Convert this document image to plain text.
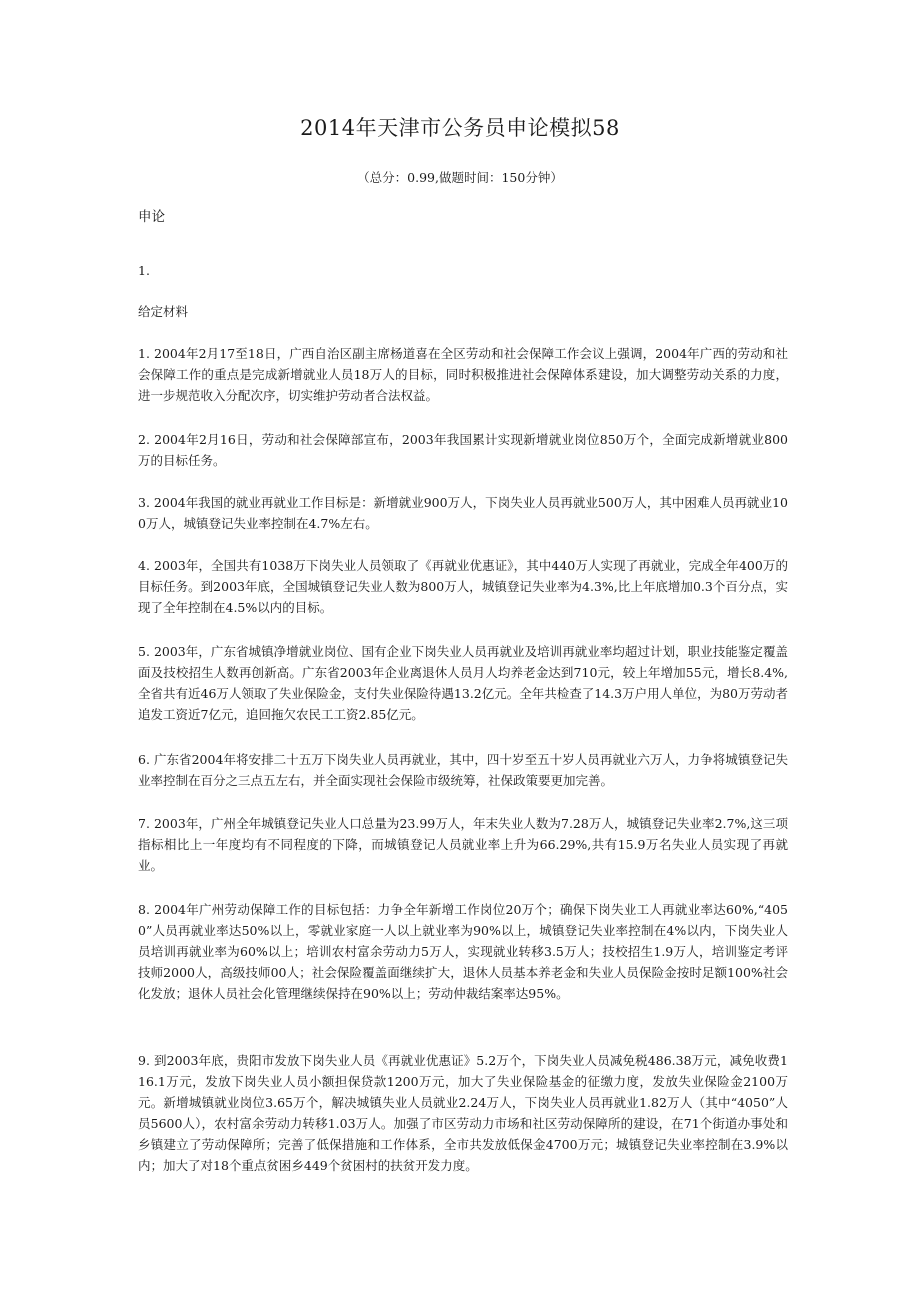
2014年天津市公务员申论模拟58
（总分：0.99,做题时间：150分钟）
申论
1.
给定材料

1. 2004年2月17至18日，广西自治区副主席杨道喜在全区劳动和社会保障工作会议上强调，2004年广西的劳动和社会保障工作的重点是完成新增就业人员18万人的目标，同时积极推进社会保障体系建设，加大调整劳动关系的力度，进一步规范收入分配次序，切实维护劳动者合法权益。

2. 2004年2月16日，劳动和社会保障部宣布，2003年我国累计实现新增就业岗位850万个，全面完成新增就业800万的目标任务。

3. 2004年我国的就业再就业工作目标是：新增就业900万人，下岗失业人员再就业500万人，其中困难人员再就业100万人，城镇登记失业率控制在4.7%左右。

4. 2003年，全国共有1038万下岗失业人员领取了《再就业优惠证》，其中440万人实现了再就业，完成全年400万的目标任务。到2003年底，全国城镇登记失业人数为800万人，城镇登记失业率为4.3%,比上年底增加0.3个百分点，实现了全年控制在4.5%以内的目标。

5. 2003年，广东省城镇净增就业岗位、国有企业下岗失业人员再就业及培训再就业率均超过计划，职业技能鉴定覆盖面及技校招生人数再创新高。广东省2003年企业离退休人员月人均养老金达到710元，较上年增加55元，增长8.4%,全省共有近46万人领取了失业保险金，支付失业保险待遇13.2亿元。全年共检查了14.3万户用人单位，为80万劳动者追发工资近7亿元，追回拖欠农民工工资2.85亿元。

6. 广东省2004年将安排二十五万下岗失业人员再就业，其中，四十岁至五十岁人员再就业六万人，力争将城镇登记失业率控制在百分之三点五左右，并全面实现社会保险市级统筹，社保政策要更加完善。

7. 2003年，广州全年城镇登记失业人口总量为23.99万人，年末失业人数为7.28万人，城镇登记失业率2.7%,这三项指标相比上一年度均有不同程度的下降，而城镇登记人员就业率上升为66.29%,共有15.9万名失业人员实现了再就业。

8. 2004年广州劳动保障工作的目标包括：力争全年新增工作岗位20万个；确保下岗失业工人再就业率达60%,“4050”人员再就业率达50%以上，零就业家庭一人以上就业率为90%以上，城镇登记失业率控制在4%以内，下岗失业人员培训再就业率为60%以上；培训农村富余劳动力5万人，实现就业转移3.5万人；技校招生1.9万人，培训鉴定考评技师2000人，高级技师00人；社会保险覆盖面继续扩大，退休人员基本养老金和失业人员保险金按时足额100%社会化发放；退休人员社会化管理继续保持在90%以上；劳动仲裁结案率达95%。

9. 到2003年底，贵阳市发放下岗失业人员《再就业优惠证》5.2万个，下岗失业人员减免税486.38万元，减免收费116.1万元，发放下岗失业人员小额担保贷款1200万元，加大了失业保险基金的征缴力度，发放失业保险金2100万元。新增城镇就业岗位3.65万个，解决城镇失业人员就业2.24万人，下岗失业人员再就业1.82万人（其中“4050”人员5600人），农村富余劳动力转移1.03万人。加强了市区劳动力市场和社区劳动保障所的建设，在71个街道办事处和乡镇建立了劳动保障所；完善了低保措施和工作体系，全市共发放低保金4700万元；城镇登记失业率控制在3.9%以内；加大了对18个重点贫困乡449个贫困村的扶贫开发力度。
